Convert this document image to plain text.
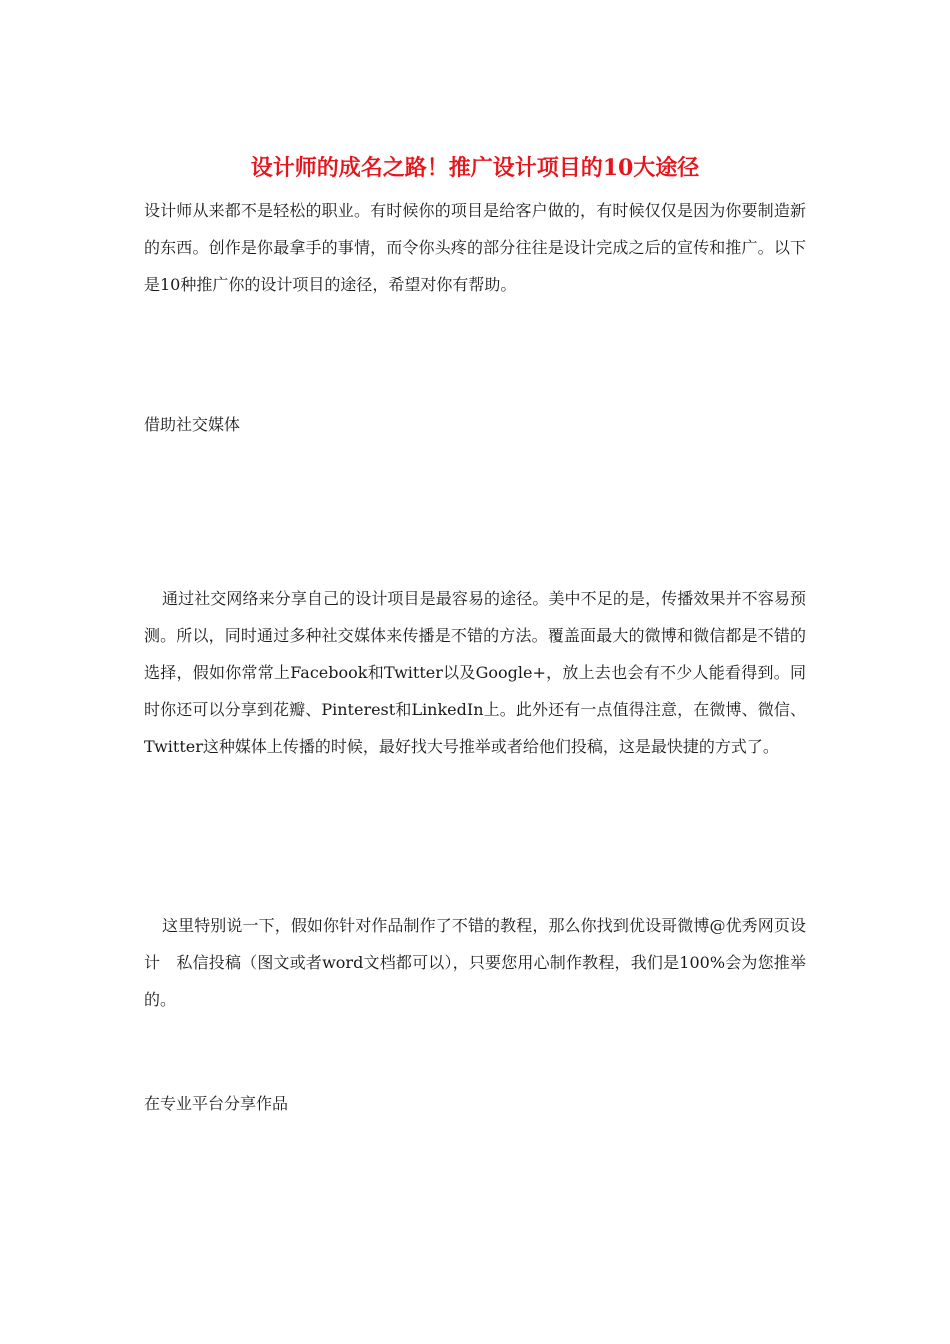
设计师的成名之路！推广设计项目的10大途径

设计师从来都不是轻松的职业。有时候你的项目是给客户做的，有时候仅仅是因为你要制造新的东西。创作是你最拿手的事情，而令你头疼的部分往往是设计完成之后的宣传和推广。以下是10种推广你的设计项目的途径，希望对你有帮助。

借助社交媒体

通过社交网络来分享自己的设计项目是最容易的途径。美中不足的是，传播效果并不容易预测。所以，同时通过多种社交媒体来传播是不错的方法。覆盖面最大的微博和微信都是不错的选择，假如你常常上Facebook和Twitter以及Google+，放上去也会有不少人能看得到。同时你还可以分享到花瓣、Pinterest和LinkedIn上。此外还有一点值得注意，在微博、微信、Twitter这种媒体上传播的时候，最好找大号推举或者给他们投稿，这是最快捷的方式了。

这里特别说一下，假如你针对作品制作了不错的教程，那么你找到优设哥微博@优秀网页设计　私信投稿（图文或者word文档都可以），只要您用心制作教程，我们是100%会为您推举的。

在专业平台分享作品
